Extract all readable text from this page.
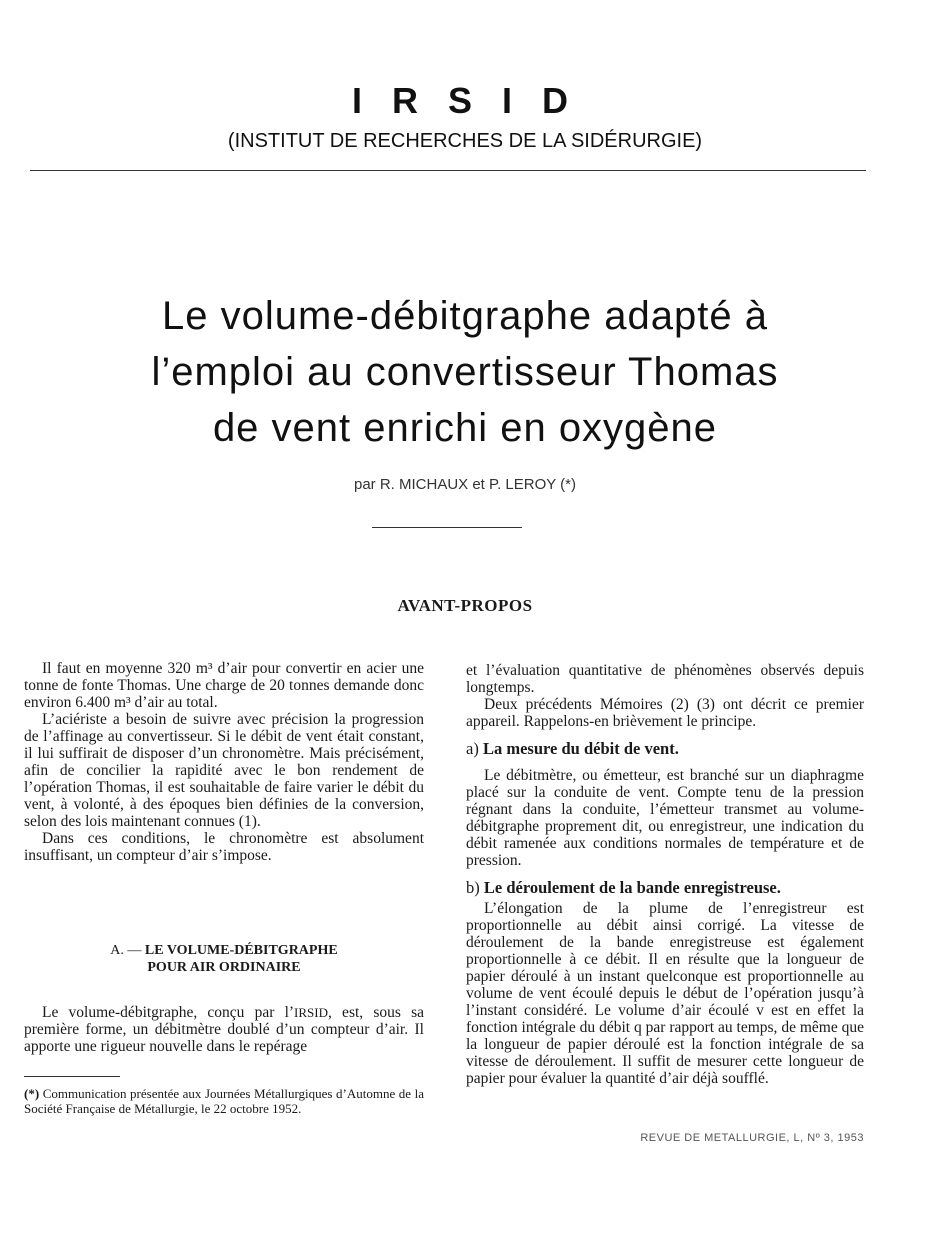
I R S I D
(INSTITUT DE RECHERCHES DE LA SIDÉRURGIE)
Le volume-débitgraphe adapté à
l’emploi au convertisseur Thomas
de vent enrichi en oxygène
par R. MICHAUX et P. LEROY (*)
AVANT-PROPOS

Il faut en moyenne 320 m³ d’air pour convertir en acier une tonne de fonte Thomas. Une charge de 20 tonnes demande donc environ 6.400 m³ d’air au total.

L’aciériste a besoin de suivre avec précision la progression de l’affinage au convertisseur. Si le débit de vent était constant, il lui suffirait de disposer d’un chronomètre. Mais précisément, afin de concilier la rapidité avec le bon rendement de l’opération Thomas, il est souhaitable de faire varier le débit du vent, à volonté, à des époques bien définies de la conversion, selon des lois maintenant connues (1).

Dans ces conditions, le chronomètre est absolument insuffisant, un compteur d’air s’impose.

A. — LE VOLUME-DÉBITGRAPHE
POUR AIR ORDINAIRE

Le volume-débitgraphe, conçu par l’IRSID, est, sous sa première forme, un débitmètre doublé d’un compteur d’air. Il apporte une rigueur nouvelle dans le repérage

(*) Communication présentée aux Journées Métallurgiques d’Automne de la Société Française de Métallurgie, le 22 octobre 1952.

et l’évaluation quantitative de phénomènes observés depuis longtemps.

Deux précédents Mémoires (2) (3) ont décrit ce premier appareil. Rappelons-en brièvement le principe.

a) La mesure du débit de vent.

Le débitmètre, ou émetteur, est branché sur un diaphragme placé sur la conduite de vent. Compte tenu de la pression régnant dans la conduite, l’émetteur transmet au volume-débitgraphe proprement dit, ou enregistreur, une indication du débit ramenée aux conditions normales de température et de pression.

b) Le déroulement de la bande enregistreuse.

L’élongation de la plume de l’enregistreur est proportionnelle au débit ainsi corrigé. La vitesse de déroulement de la bande enregistreuse est également proportionnelle à ce débit. Il en résulte que la longueur de papier déroulé à un instant quelconque est proportionnelle au volume de vent écoulé depuis le début de l’opération jusqu’à l’instant considéré. Le volume d’air écoulé v est en effet la fonction intégrale du débit q par rapport au temps, de même que la longueur de papier déroulé est la fonction intégrale de sa vitesse de déroulement. Il suffit de mesurer cette longueur de papier pour évaluer la quantité d’air déjà soufflé.

REVUE DE METALLURGIE, L, Nº 3, 1953
